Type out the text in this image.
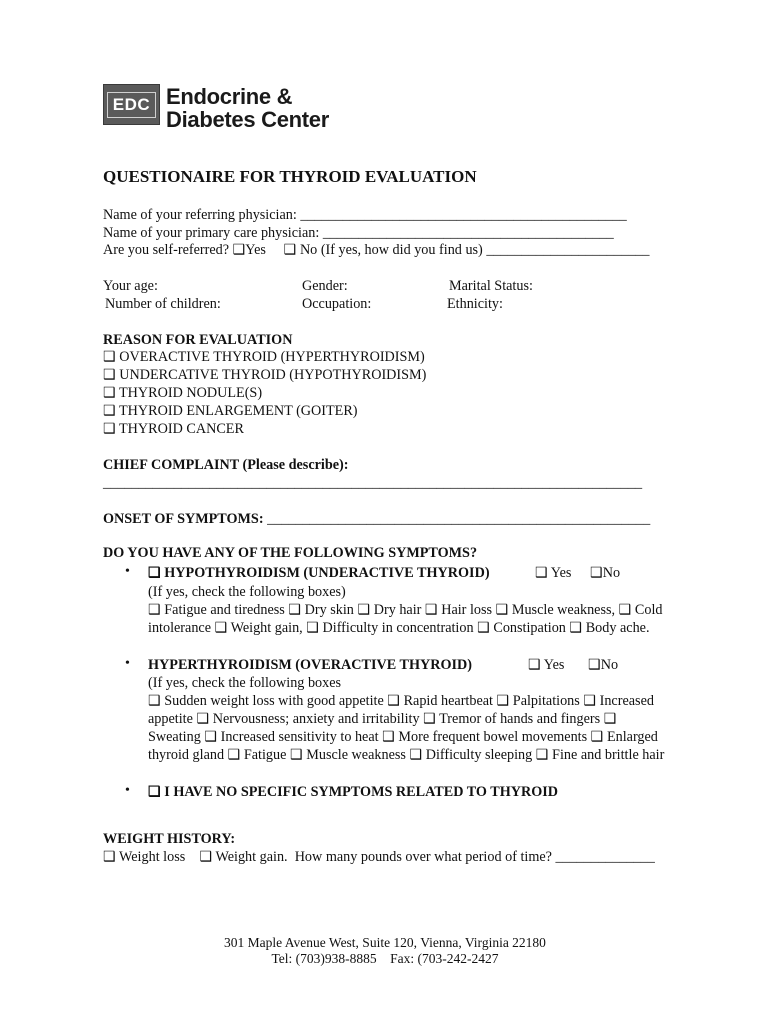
EDC Endocrine &
Diabetes Center
QUESTIONAIRE FOR THYROID EVALUATION
Name of your referring physician: ______________________________________________
Name of your primary care physician: _________________________________________
Are you self-referred? ❑Yes     ❑ No (If yes, how did you find us) _______________________
Your age:	Gender:	Marital Status:
Number of children:	Occupation:	Ethnicity:
REASON FOR EVALUATION
❑ OVERACTIVE THYROID (HYPERTHYROIDISM)
❑ UNDERCATIVE THYROID (HYPOTHYROIDISM)
❑ THYROID NODULE(S)
❑ THYROID ENLARGEMENT (GOITER)
❑ THYROID CANCER
CHIEF COMPLAINT (Please describe):
____________________________________________________________________________
ONSET OF SYMPTOMS: ______________________________________________________
DO YOU HAVE ANY OF THE FOLLOWING SYMPTOMS?
• ❑ HYPOTHYROIDISM (UNDERACTIVE THYROID)	❑ Yes ❑No
(If yes, check the following boxes)
❑ Fatigue and tiredness ❑ Dry skin ❑ Dry hair ❑ Hair loss ❑ Muscle weakness, ❑ Cold
intolerance ❑ Weight gain, ❑ Difficulty in concentration ❑ Constipation ❑ Body ache.
• HYPERTHYROIDISM (OVERACTIVE THYROID)	❑ Yes ❑No
(If yes, check the following boxes
❑ Sudden weight loss with good appetite ❑ Rapid heartbeat ❑ Palpitations ❑ Increased
appetite ❑ Nervousness; anxiety and irritability ❑ Tremor of hands and fingers ❑
Sweating ❑ Increased sensitivity to heat ❑ More frequent bowel movements ❑ Enlarged
thyroid gland ❑ Fatigue ❑ Muscle weakness ❑ Difficulty sleeping ❑ Fine and brittle hair
• ❑ I HAVE NO SPECIFIC SYMPTOMS RELATED TO THYROID
WEIGHT HISTORY:
❑ Weight loss    ❑ Weight gain.  How many pounds over what period of time? ______________
301 Maple Avenue West, Suite 120, Vienna, Virginia 22180
Tel: (703)938-8885    Fax: (703-242-2427
